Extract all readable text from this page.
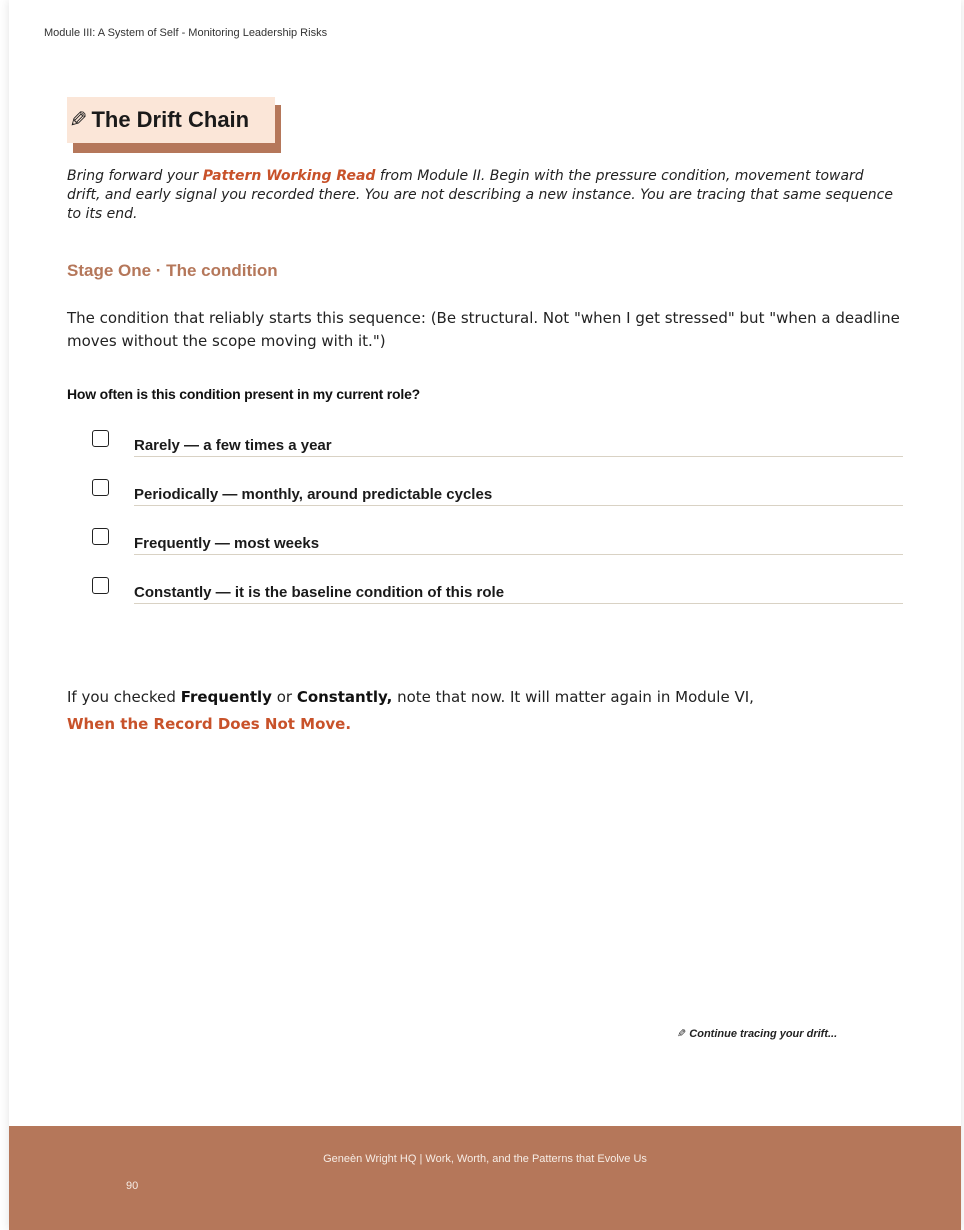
Module III: A System of Self - Monitoring Leadership Risks
✎ The Drift Chain
Bring forward your Pattern Working Read from Module II. Begin with the pressure condition, movement toward drift, and early signal you recorded there. You are not describing a new instance. You are tracing that same sequence to its end.
Stage One · The condition
The condition that reliably starts this sequence: (Be structural. Not "when I get stressed" but "when a deadline moves without the scope moving with it.")
How often is this condition present in my current role?
Rarely — a few times a year
Periodically — monthly, around predictable cycles
Frequently — most weeks
Constantly — it is the baseline condition of this role
If you checked Frequently or Constantly, note that now. It will matter again in Module VI,
When the Record Does Not Move.
✎ Continue tracing your drift...
Geneèn Wright HQ | Work, Worth, and the Patterns that Evolve Us
90
